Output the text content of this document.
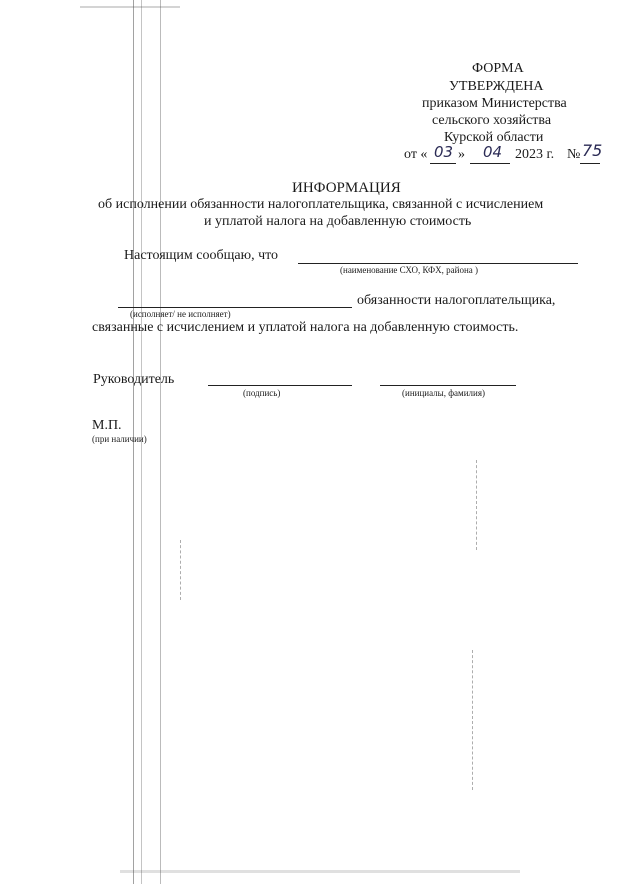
ФОРМА
УТВЕРЖДЕНА
приказом Министерства
сельского хозяйства
Курской области
от « 03 » 04 2023 г. № 75
ИНФОРМАЦИЯ
об исполнении обязанности налогоплательщика, связанной с исчислением
и уплатой налога на добавленную стоимость
Настоящим сообщаю, что
(наименование СХО, КФХ, района )
обязанности налогоплательщика,
(исполняет/ не исполняет)
связанные с исчислением и уплатой налога на добавленную стоимость.
Руководитель
(подпись)	(инициалы, фамилия)
М.П.
(при наличии)
